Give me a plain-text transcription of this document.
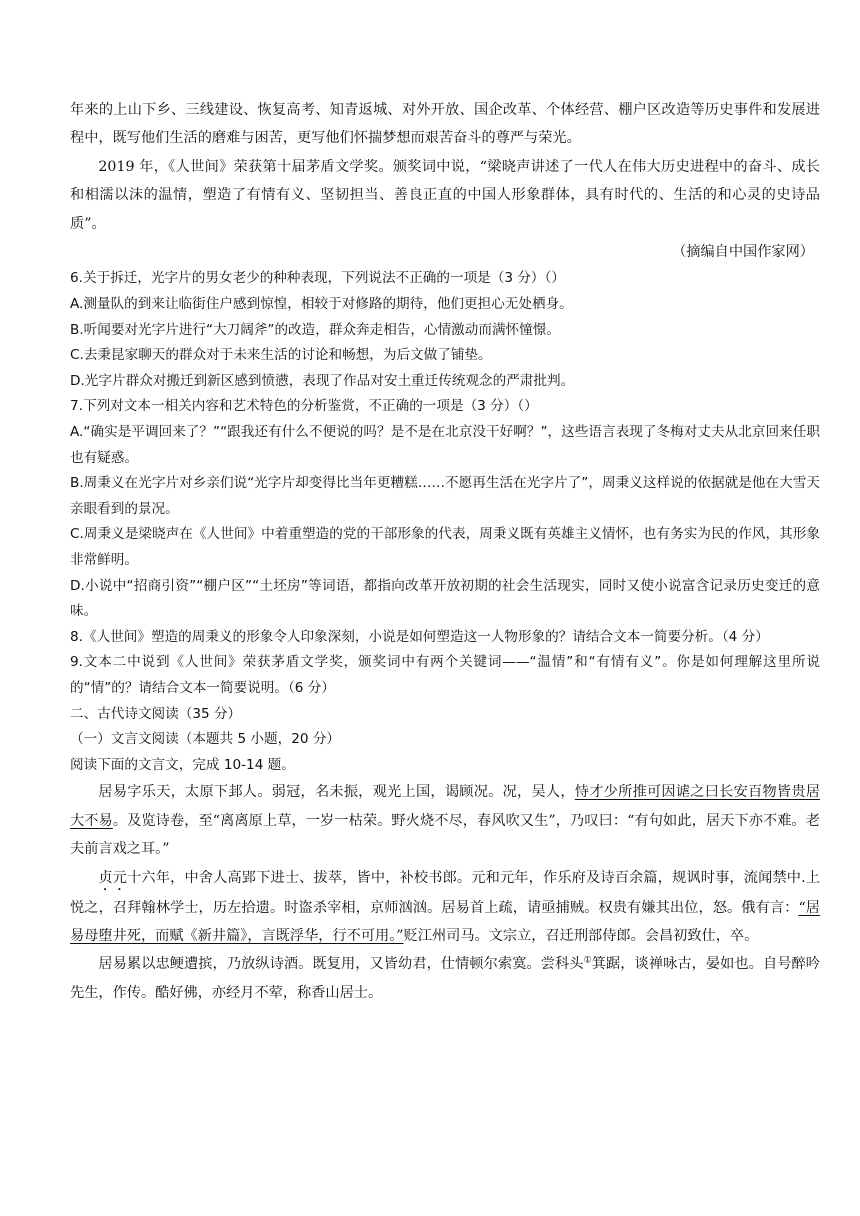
年来的上山下乡、三线建设、恢复高考、知青返城、对外开放、国企改革、个体经营、棚户区改造等历史事件和发展进程中，既写他们生活的磨难与困苦，更写他们怀揣梦想而艰苦奋斗的尊严与荣光。

2019 年，《人世间》荣获第十届茅盾文学奖。颁奖词中说，“梁晓声讲述了一代人在伟大历史进程中的奋斗、成长和相濡以沫的温情，塑造了有情有义、坚韧担当、善良正直的中国人形象群体，具有时代的、生活的和心灵的史诗品质”。

（摘编自中国作家网）

6.关于拆迁，光字片的男女老少的种种表现，下列说法不正确的一项是（3 分）（）

A.测量队的到来让临街住户感到惊惶，相较于对修路的期待，他们更担心无处栖身。

B.听闻要对光字片进行“大刀阔斧”的改造，群众奔走相告，心情激动而满怀憧憬。

C.去秉昆家聊天的群众对于未来生活的讨论和畅想，为后文做了铺垫。

D.光字片群众对搬迁到新区感到愤懑，表现了作品对安土重迁传统观念的严肃批判。

7.下列对文本一相关内容和艺术特色的分析鉴赏，不正确的一项是（3 分）（）

A.“确实是平调回来了？”“跟我还有什么不便说的吗？是不是在北京没干好啊？”，这些语言表现了冬梅对丈夫从北京回来任职也有疑惑。

B.周秉义在光字片对乡亲们说“光字片却变得比当年更糟糕……不愿再生活在光字片了”，周秉义这样说的依据就是他在大雪天亲眼看到的景况。

C.周秉义是梁晓声在《人世间》中着重塑造的党的干部形象的代表，周秉义既有英雄主义情怀，也有务实为民的作风，其形象非常鲜明。

D.小说中“招商引资”“棚户区”“土坯房”等词语，都指向改革开放初期的社会生活现实，同时又使小说富含记录历史变迁的意味。

8.《人世间》塑造的周秉义的形象令人印象深刻，小说是如何塑造这一人物形象的？请结合文本一简要分析。（4 分）

9.文本二中说到《人世间》荣获茅盾文学奖，颁奖词中有两个关键词——“温情”和“有情有义”。你是如何理解这里所说的“情”的？请结合文本一简要说明。（6 分）

二、古代诗文阅读（35 分）

（一）文言文阅读（本题共 5 小题，20 分）

阅读下面的文言文，完成 10-14 题。

居易字乐天，太原下邽人。弱冠，名未振，观光上国，谒顾况。况，吴人，恃才少所推可因谑之曰长安百物皆贵居大不易。及览诗卷，至“离离原上草，一岁一枯荣。野火烧不尽，春风吹又生”，乃叹曰：“有句如此，居天下亦不难。老夫前言戏之耳。”

贞元十六年，中舍人高郢下进士、拔萃，皆中，补校书郎。元和元年，作乐府及诗百余篇，规讽时事，流闻禁中.上悦之，召拜翰林学士，历左拾遗。时盗杀宰相，京师汹汹。居易首上疏，请亟捕贼。权贵有嫌其出位，怒。俄有言：“居易母堕井死，而赋《新井篇》，言既浮华，行不可用。”贬江州司马。文宗立，召迁刑部侍郎。会昌初致仕，卒。

居易累以忠鲠遭摈，乃放纵诗酒。既复用，又皆幼君，仕情顿尔索寞。尝科头①箕踞，谈禅咏古，晏如也。自号醉吟先生，作传。酷好佛，亦经月不荤，称香山居士。
